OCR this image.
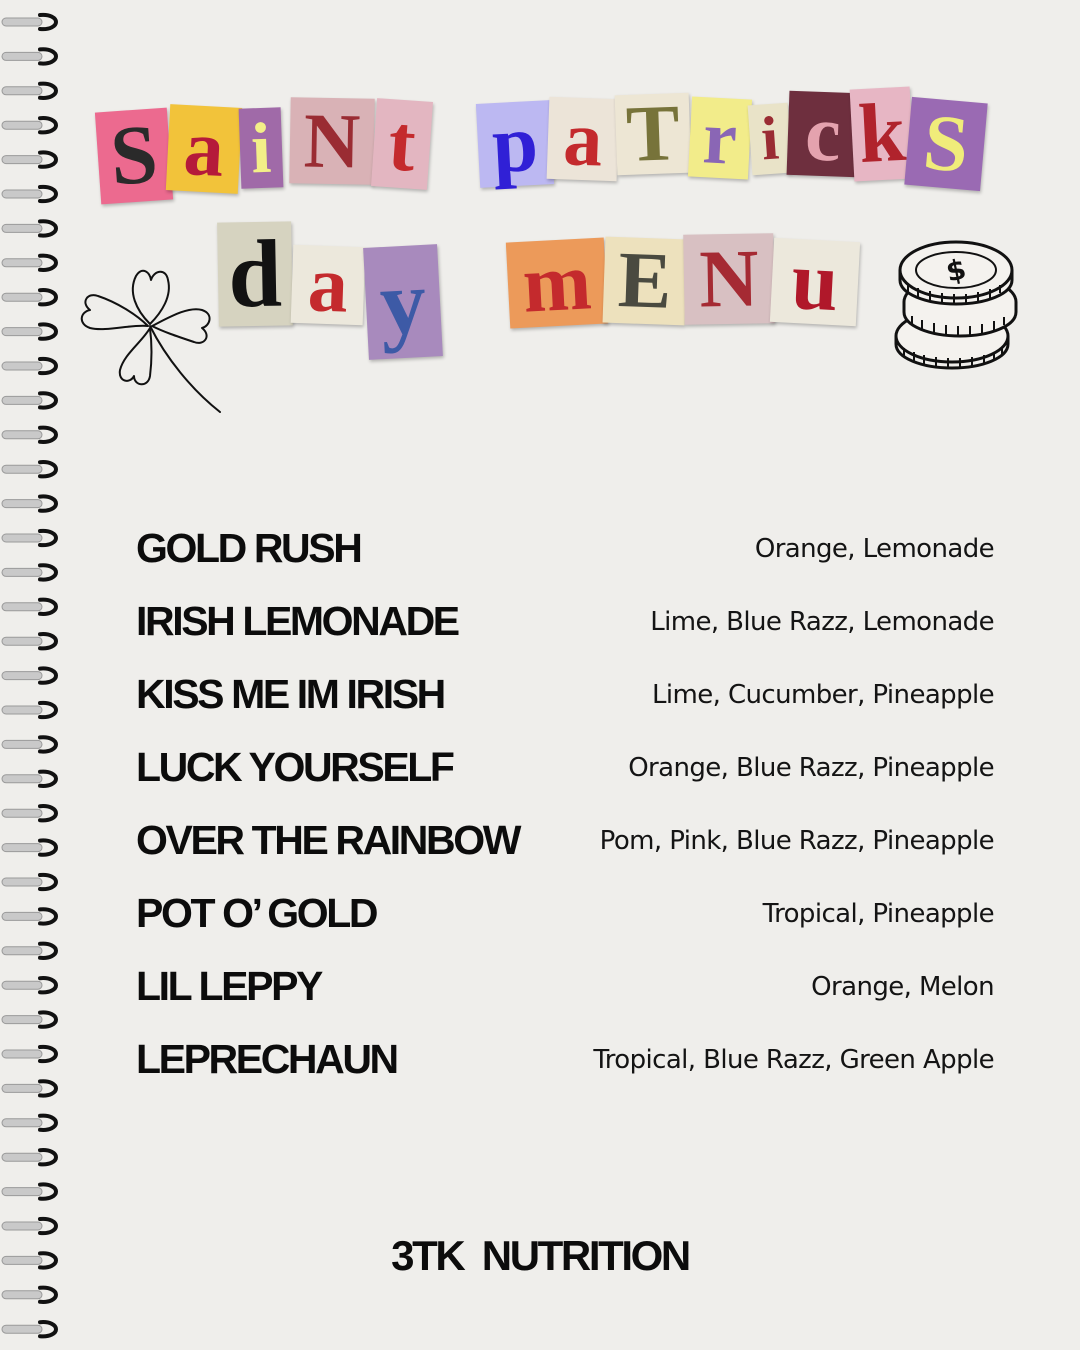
S a i N t p a T r i c k S
d a y m E N u	$
GOLD RUSH	Orange, Lemonade
IRISH LEMONADE	Lime, Blue Razz, Lemonade
KISS ME IM IRISH	Lime, Cucumber, Pineapple
LUCK YOURSELF	Orange, Blue Razz, Pineapple
OVER THE RAINBOW	Pom, Pink, Blue Razz, Pineapple
POT O’ GOLD	Tropical, Pineapple
LIL LEPPY	Orange, Melon
LEPRECHAUN	Tropical, Blue Razz, Green Apple
3TK  NUTRITION
